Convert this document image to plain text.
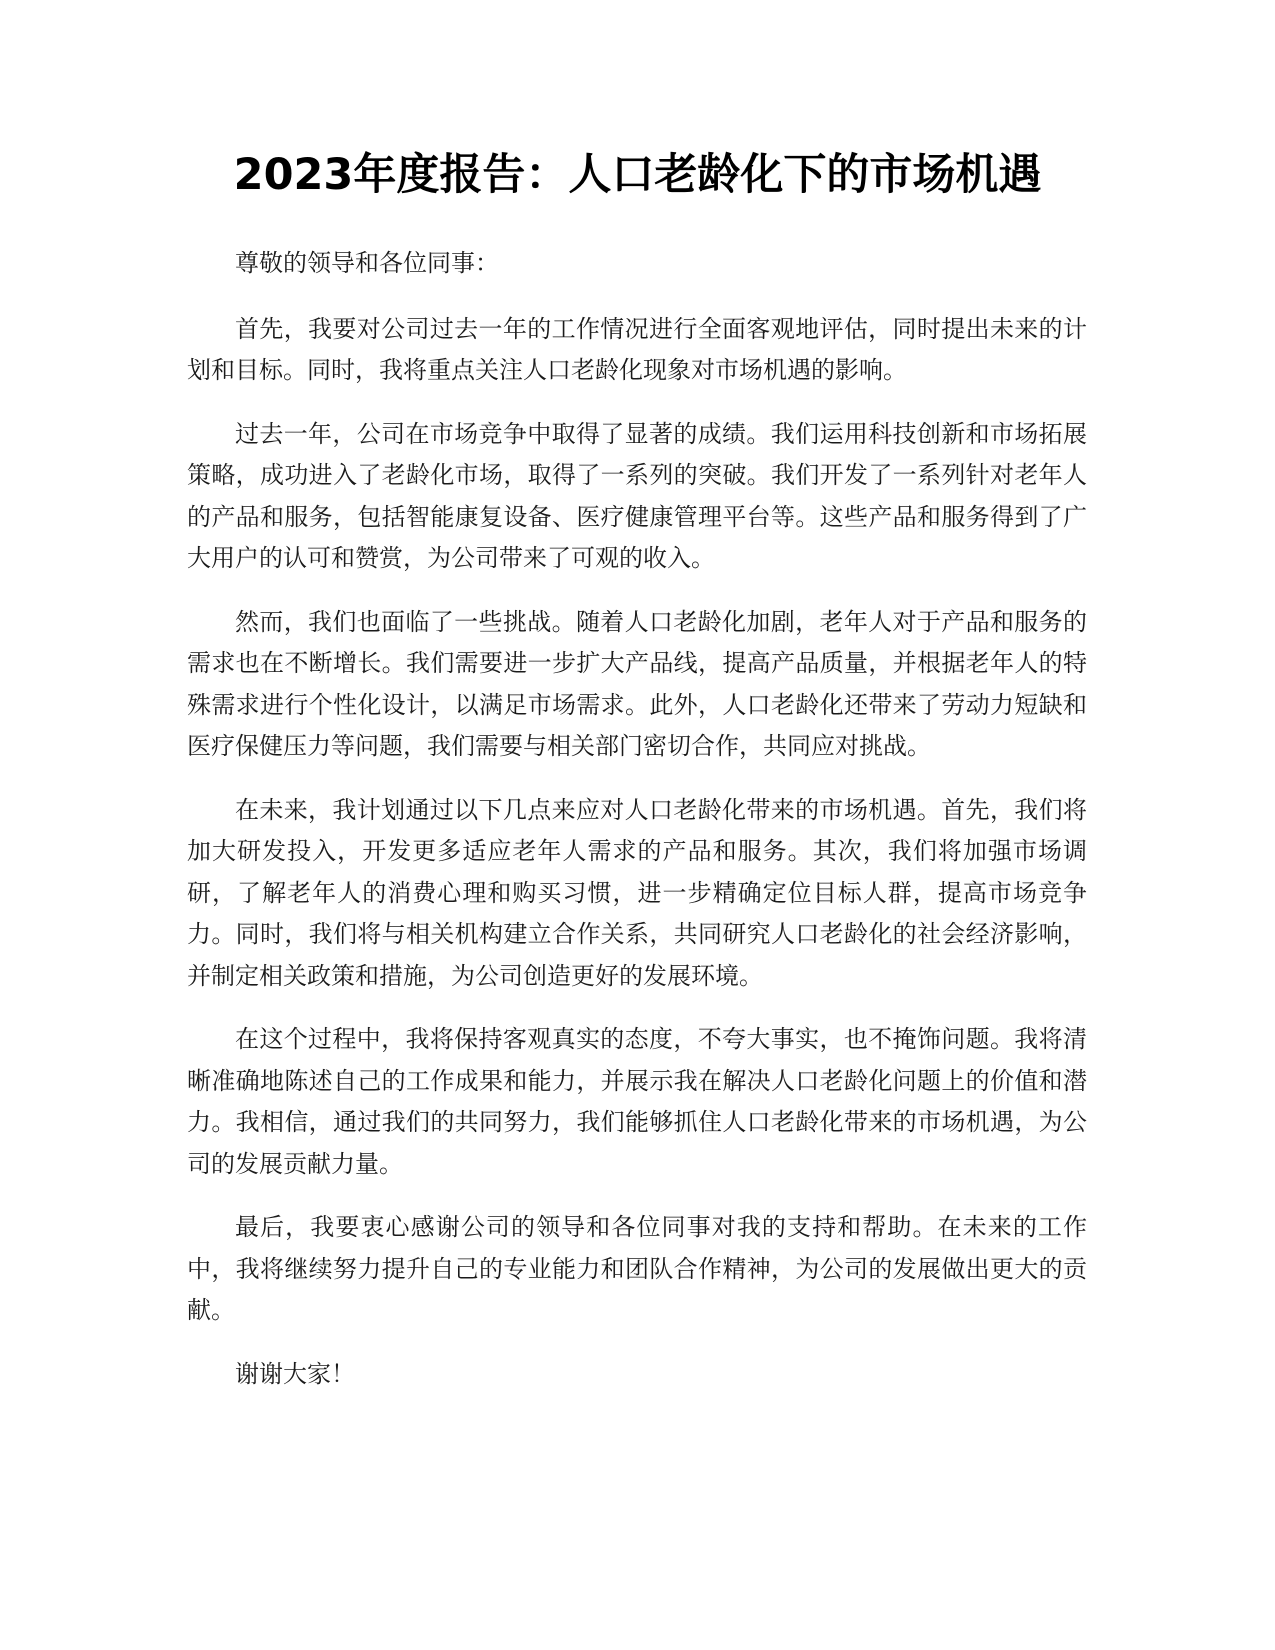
2023年度报告：人口老龄化下的市场机遇

尊敬的领导和各位同事：

首先，我要对公司过去一年的工作情况进行全面客观地评估，同时提出未来的计划和目标。同时，我将重点关注人口老龄化现象对市场机遇的影响。

过去一年，公司在市场竞争中取得了显著的成绩。我们运用科技创新和市场拓展策略，成功进入了老龄化市场，取得了一系列的突破。我们开发了一系列针对老年人的产品和服务，包括智能康复设备、医疗健康管理平台等。这些产品和服务得到了广大用户的认可和赞赏，为公司带来了可观的收入。

然而，我们也面临了一些挑战。随着人口老龄化加剧，老年人对于产品和服务的需求也在不断增长。我们需要进一步扩大产品线，提高产品质量，并根据老年人的特殊需求进行个性化设计，以满足市场需求。此外，人口老龄化还带来了劳动力短缺和医疗保健压力等问题，我们需要与相关部门密切合作，共同应对挑战。

在未来，我计划通过以下几点来应对人口老龄化带来的市场机遇。首先，我们将加大研发投入，开发更多适应老年人需求的产品和服务。其次，我们将加强市场调研，了解老年人的消费心理和购买习惯，进一步精确定位目标人群，提高市场竞争力。同时，我们将与相关机构建立合作关系，共同研究人口老龄化的社会经济影响，并制定相关政策和措施，为公司创造更好的发展环境。

在这个过程中，我将保持客观真实的态度，不夸大事实，也不掩饰问题。我将清晰准确地陈述自己的工作成果和能力，并展示我在解决人口老龄化问题上的价值和潜力。我相信，通过我们的共同努力，我们能够抓住人口老龄化带来的市场机遇，为公司的发展贡献力量。

最后，我要衷心感谢公司的领导和各位同事对我的支持和帮助。在未来的工作中，我将继续努力提升自己的专业能力和团队合作精神，为公司的发展做出更大的贡献。

谢谢大家！
